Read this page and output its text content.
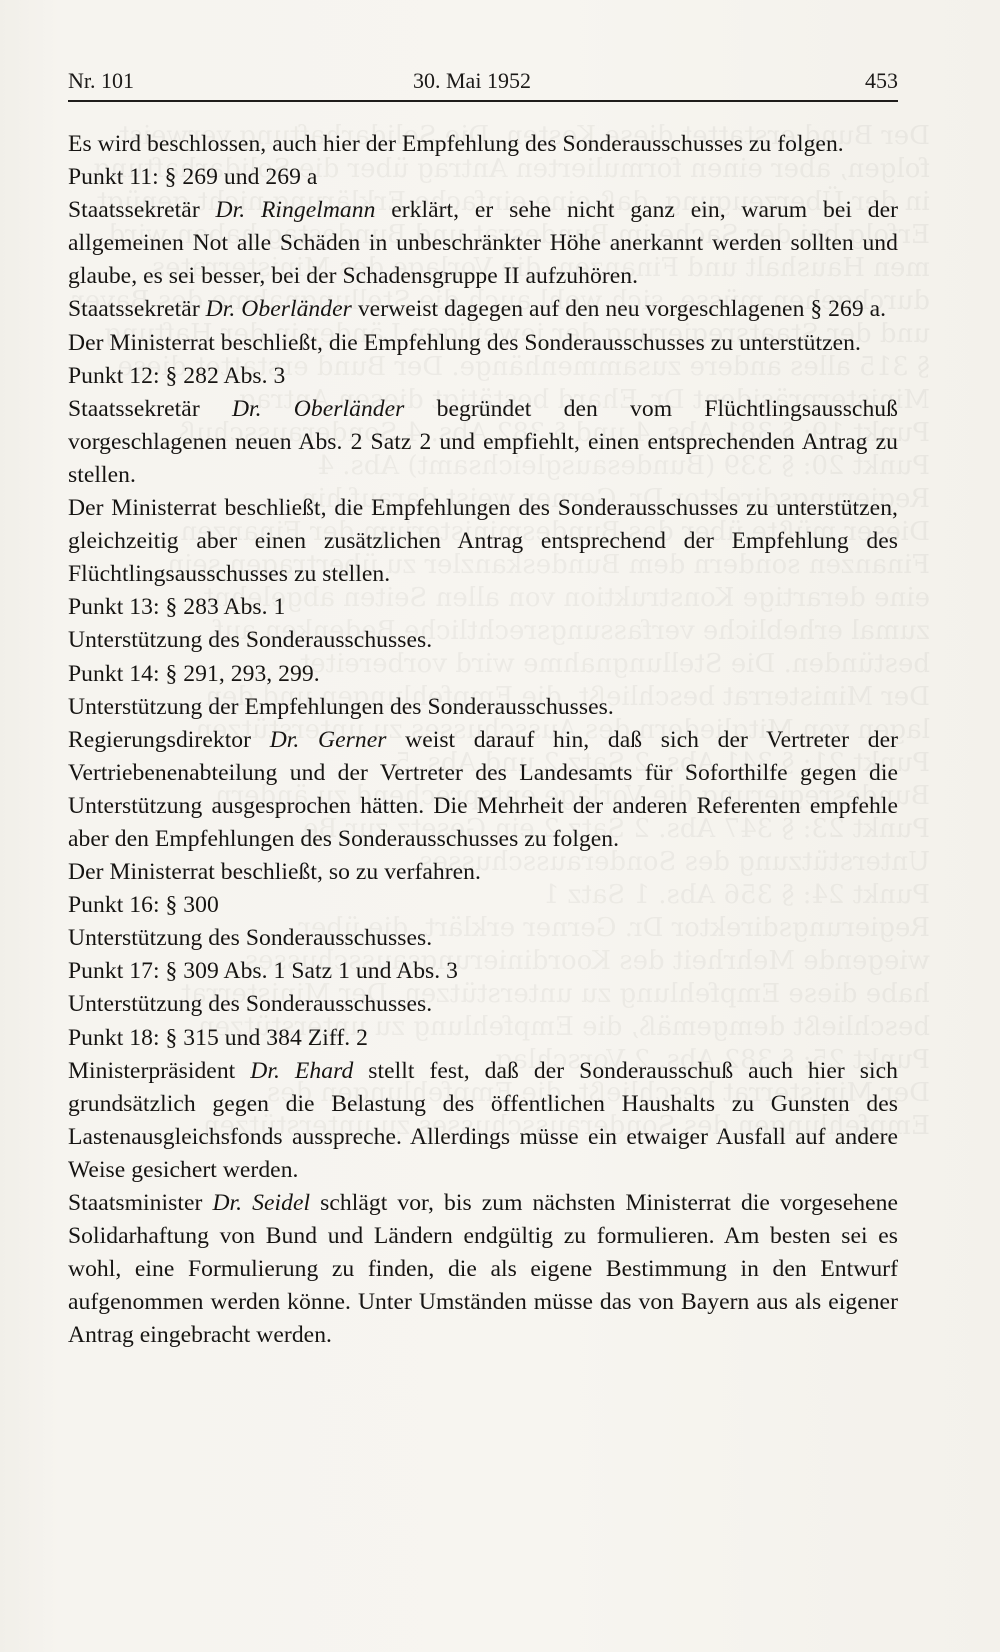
Nr. 101	30. Mai 1952	453

Es wird beschlossen, auch hier der Empfehlung des Sonderausschusses zu folgen.

Punkt 11: § 269 und 269 a

Staatssekretär Dr. Ringelmann erklärt, er sehe nicht ganz ein, warum bei der allgemeinen Not alle Schäden in unbeschränkter Höhe anerkannt werden sollten und glaube, es sei besser, bei der Schadensgruppe II aufzuhören.

Staatssekretär Dr. Oberländer verweist dagegen auf den neu vorgeschlagenen § 269 a.

Der Ministerrat beschließt, die Empfehlung des Sonderausschusses zu unterstützen.

Punkt 12: § 282 Abs. 3

Staatssekretär Dr. Oberländer begründet den vom Flüchtlingsausschuß vorgeschlagenen neuen Abs. 2 Satz 2 und empfiehlt, einen entsprechenden Antrag zu stellen.

Der Ministerrat beschließt, die Empfehlungen des Sonderausschusses zu unterstützen, gleichzeitig aber einen zusätzlichen Antrag entsprechend der Empfehlung des Flüchtlingsausschusses zu stellen.

Punkt 13: § 283 Abs. 1

Unterstützung des Sonderausschusses.

Punkt 14: § 291, 293, 299.

Unterstützung der Empfehlungen des Sonderausschusses.

Regierungsdirektor Dr. Gerner weist darauf hin, daß sich der Vertreter der Vertriebenenabteilung und der Vertreter des Landesamts für Soforthilfe gegen die Unterstützung ausgesprochen hätten. Die Mehrheit der anderen Referenten empfehle aber den Empfehlungen des Sonderausschusses zu folgen.

Der Ministerrat beschließt, so zu verfahren.

Punkt 16: § 300

Unterstützung des Sonderausschusses.

Punkt 17: § 309 Abs. 1 Satz 1 und Abs. 3

Unterstützung des Sonderausschusses.

Punkt 18: § 315 und 384 Ziff. 2

Ministerpräsident Dr. Ehard stellt fest, daß der Sonderausschuß auch hier sich grundsätzlich gegen die Belastung des öffentlichen Haushalts zu Gunsten des Lastenausgleichsfonds ausspreche. Allerdings müsse ein etwaiger Ausfall auf andere Weise gesichert werden.

Staatsminister Dr. Seidel schlägt vor, bis zum nächsten Ministerrat die vorgesehene Solidarhaftung von Bund und Ländern endgültig zu formulieren. Am besten sei es wohl, eine Formulierung zu finden, die als eigene Bestimmung in den Entwurf aufgenommen werden könne. Unter Umständen müsse das von Bayern aus als eigener Antrag eingebracht werden.
